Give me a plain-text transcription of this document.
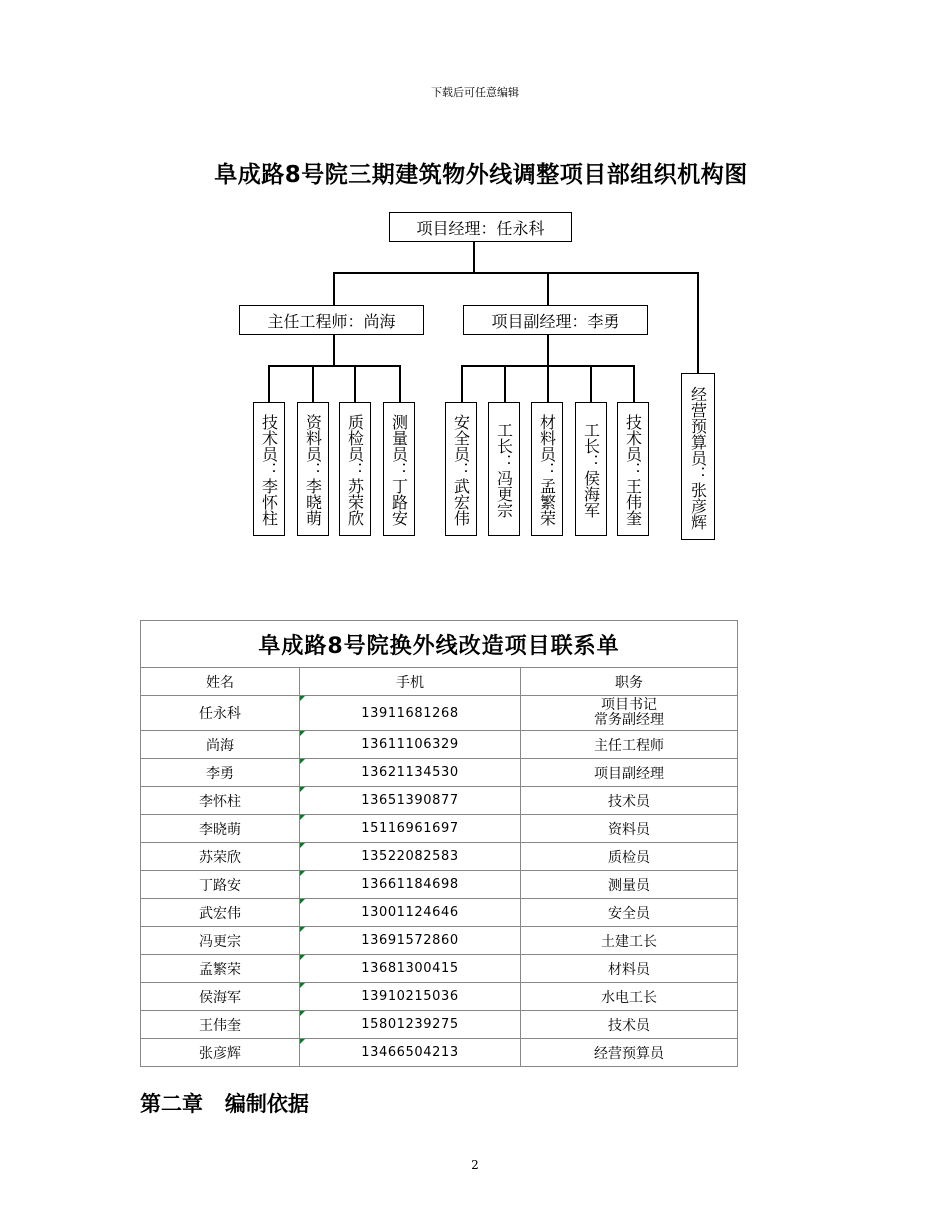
下载后可任意编辑
阜成路8号院三期建筑物外线调整项目部组织机构图
项目经理：任永科
主任工程师：尚海	项目副经理：李勇
技术员：李怀柱	资料员：李晓萌	质检员：苏荣欣	测量员：丁路安	安全员：武宏伟	工长：冯更宗	材料员：孟繁荣	工长：侯海军	技术员：王伟奎	经营预算员：张彦辉
阜成路8号院换外线改造项目联系单		
姓名	手机	职务
任永科	13911681268	项目书记
常务副经理
尚海	13611106329	主任工程师
李勇	13621134530	项目副经理
李怀柱	13651390877	技术员
李晓萌	15116961697	资料员
苏荣欣	13522082583	质检员
丁路安	13661184698	测量员
武宏伟	13001124646	安全员
冯更宗	13691572860	土建工长
孟繁荣	13681300415	材料员
侯海军	13910215036	水电工长
王伟奎	15801239275	技术员
张彦辉	13466504213	经营预算员
第二章   编制依据
2
